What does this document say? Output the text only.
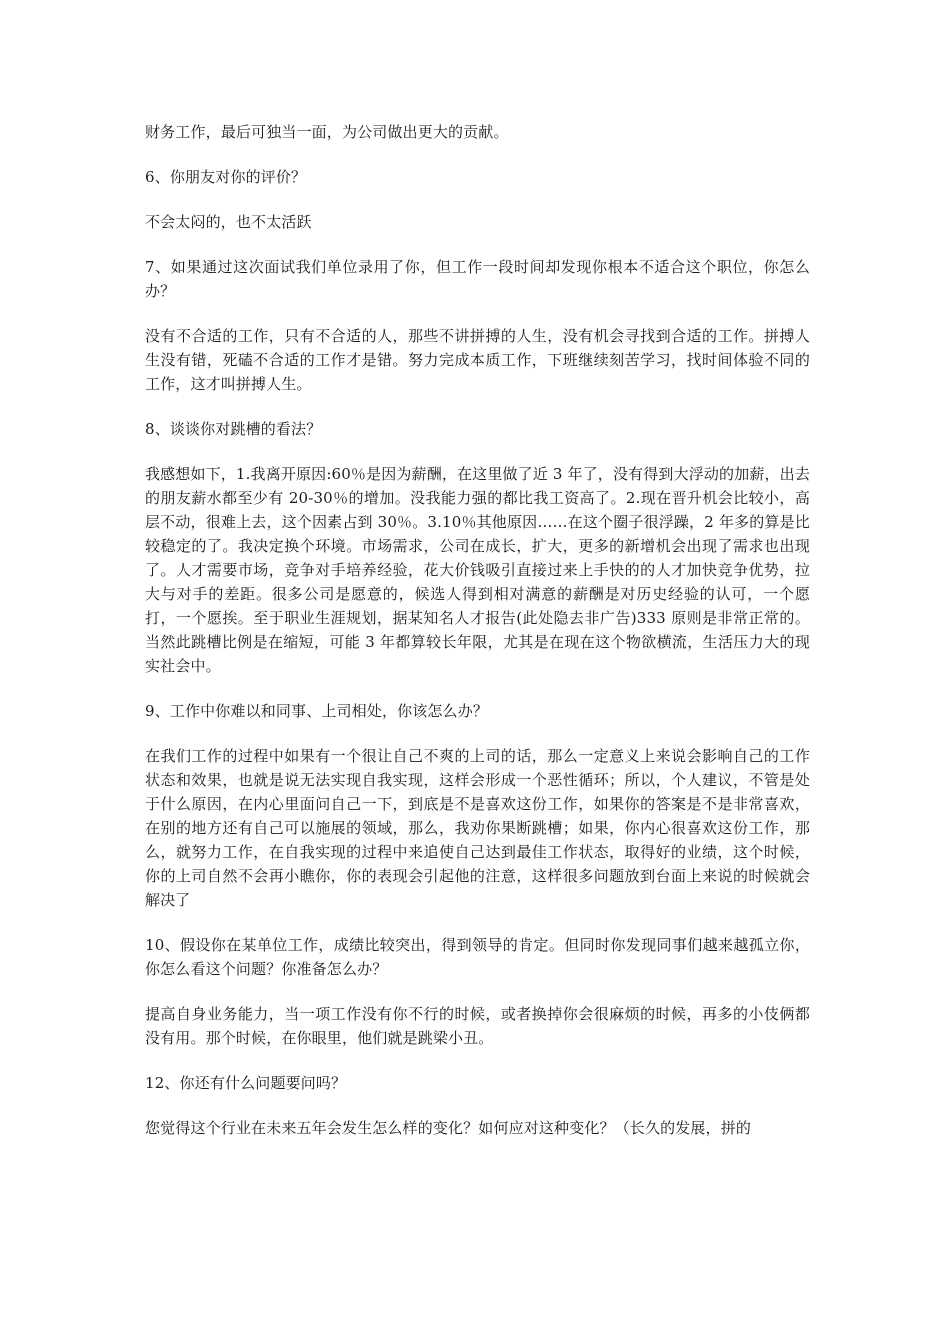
财务工作，最后可独当一面，为公司做出更大的贡献。

6、你朋友对你的评价？

不会太闷的，也不太活跃

7、如果通过这次面试我们单位录用了你，但工作一段时间却发现你根本不适合这个职位，你怎么办？

没有不合适的工作，只有不合适的人，那些不讲拼搏的人生，没有机会寻找到合适的工作。拼搏人生没有错，死磕不合适的工作才是错。努力完成本质工作，下班继续刻苦学习，找时间体验不同的工作，这才叫拼搏人生。

8、谈谈你对跳槽的看法？

我感想如下，1.我离开原因:60％是因为薪酬，在这里做了近 3 年了，没有得到大浮动的加薪，出去的朋友薪水都至少有 20-30％的增加。没我能力强的都比我工资高了。2.现在晋升机会比较小，高层不动，很难上去，这个因素占到 30％。3.10％其他原因……在这个圈子很浮躁，2 年多的算是比较稳定的了。我决定换个环境。市场需求，公司在成长，扩大，更多的新增机会出现了需求也出现了。人才需要市场，竞争对手培养经验，花大价钱吸引直接过来上手快的的人才加快竞争优势，拉大与对手的差距。很多公司是愿意的，候选人得到相对满意的薪酬是对历史经验的认可，一个愿打，一个愿挨。至于职业生涯规划，据某知名人才报告(此处隐去非广告)333 原则是非常正常的。当然此跳槽比例是在缩短，可能 3 年都算较长年限，尤其是在现在这个物欲横流，生活压力大的现实社会中。

9、工作中你难以和同事、上司相处，你该怎么办？

在我们工作的过程中如果有一个很让自己不爽的上司的话，那么一定意义上来说会影响自己的工作状态和效果，也就是说无法实现自我实现，这样会形成一个恶性循环；所以，个人建议，不管是处于什么原因，在内心里面问自己一下，到底是不是喜欢这份工作，如果你的答案是不是非常喜欢，在别的地方还有自己可以施展的领域，那么，我劝你果断跳槽；如果，你内心很喜欢这份工作，那么，就努力工作，在自我实现的过程中来追使自己达到最佳工作状态，取得好的业绩，这个时候，你的上司自然不会再小瞧你，你的表现会引起他的注意，这样很多问题放到台面上来说的时候就会解决了

10、假设你在某单位工作，成绩比较突出，得到领导的肯定。但同时你发现同事们越来越孤立你，你怎么看这个问题？你准备怎么办？

提高自身业务能力，当一项工作没有你不行的时候，或者换掉你会很麻烦的时候，再多的小伎俩都没有用。那个时候，在你眼里，他们就是跳梁小丑。

12、你还有什么问题要问吗？

您觉得这个行业在未来五年会发生怎么样的变化？如何应对这种变化？（长久的发展，拼的
